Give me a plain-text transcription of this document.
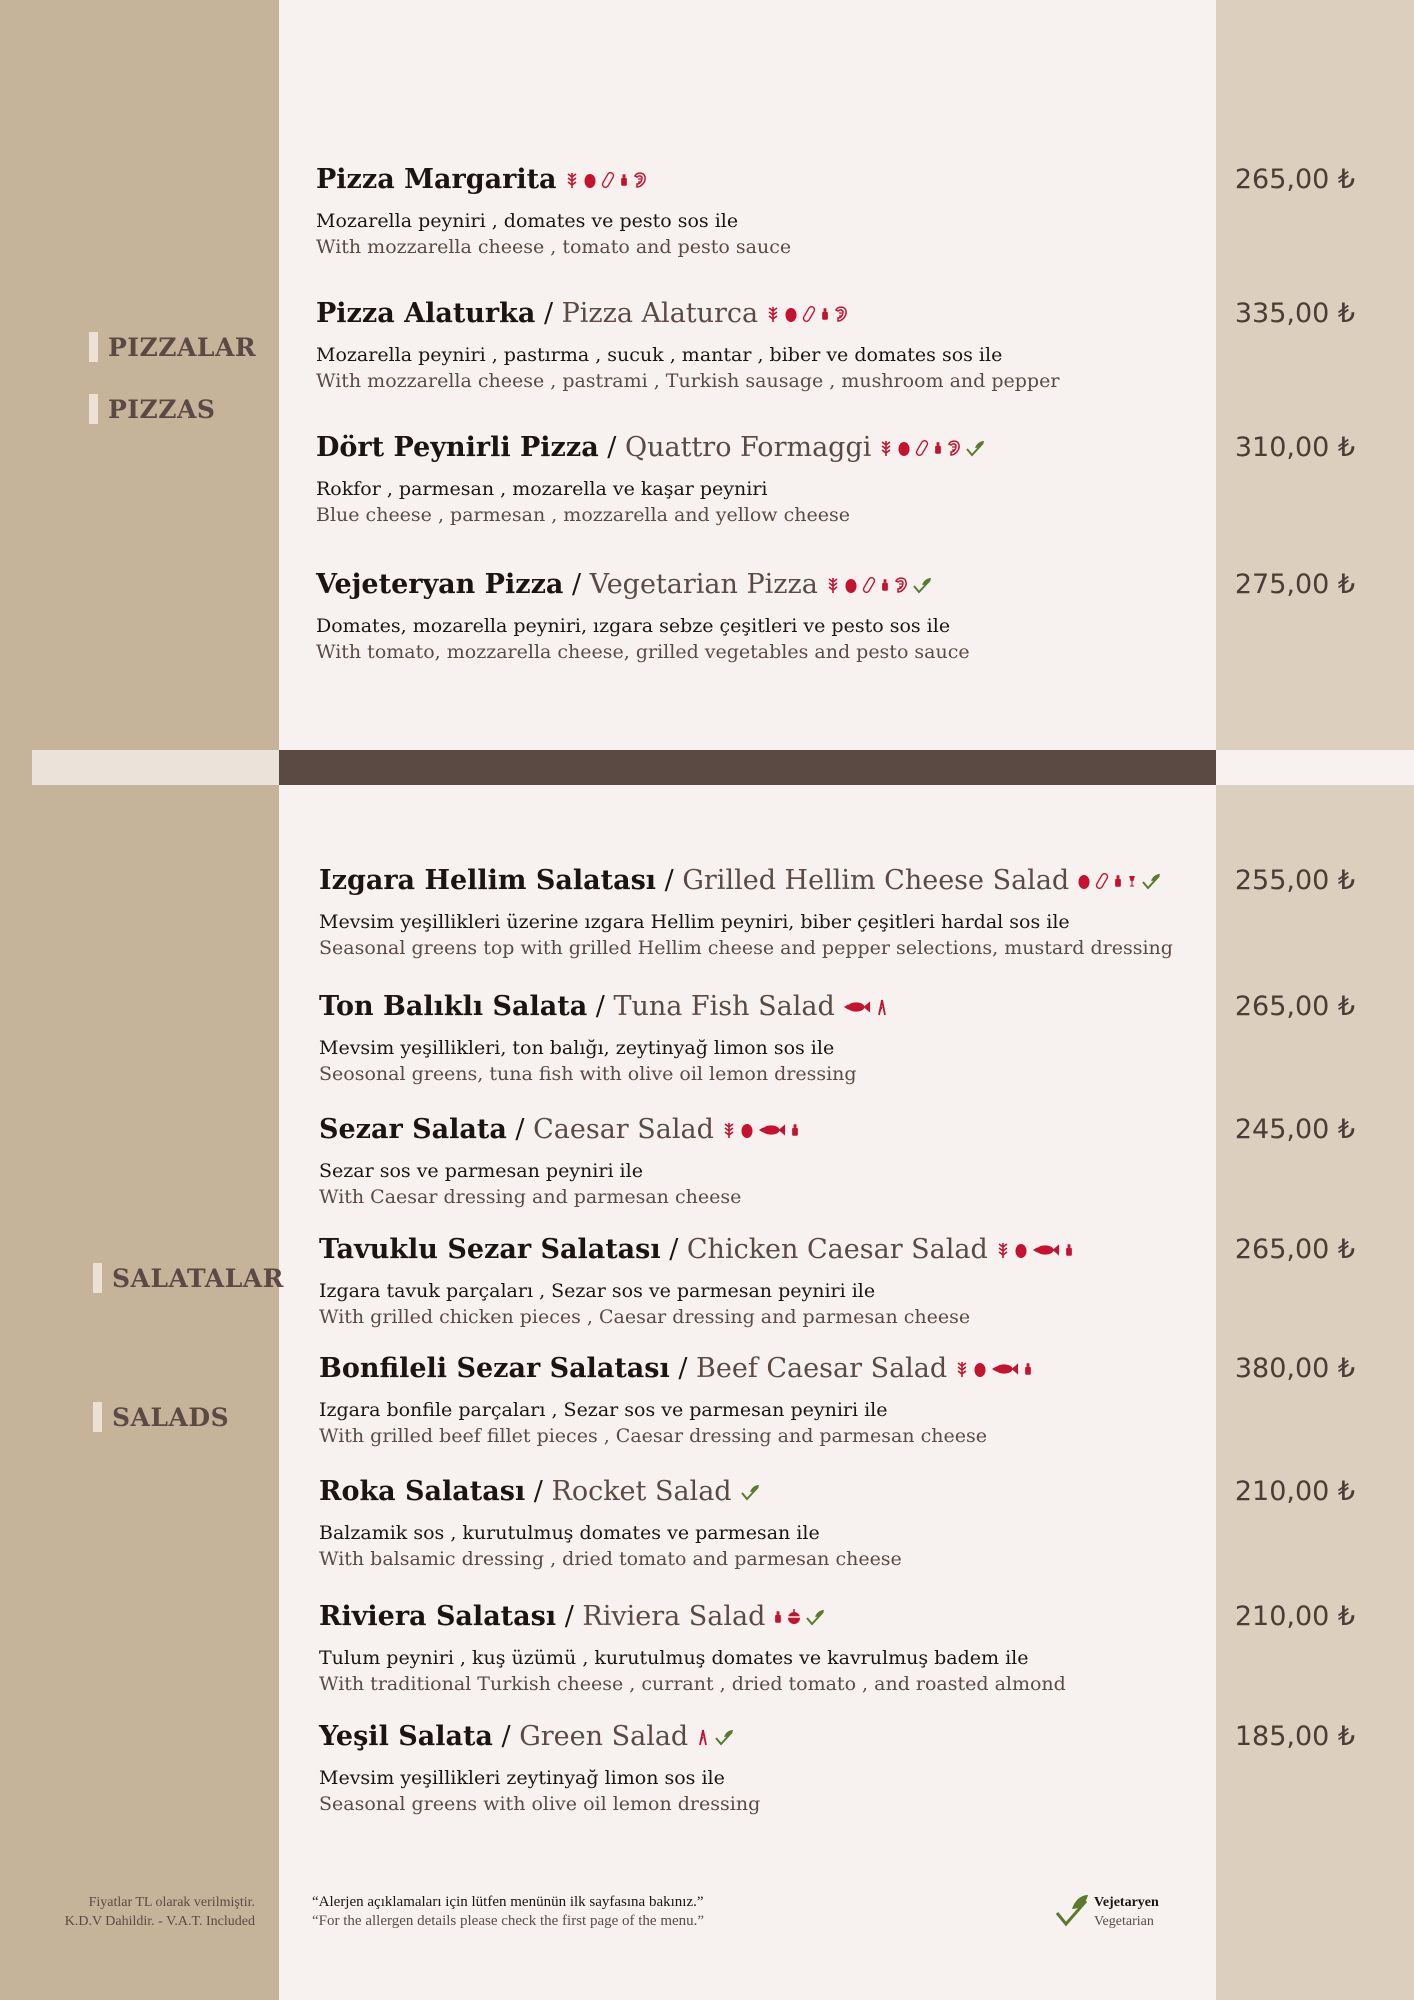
PIZZALAR
PIZZAS
SALATALAR
SALADS
Pizza Margarita
Mozarella peyniri , domates ve pesto sos ile
With mozzarella cheese , tomato and pesto sauce
265,00 ₺
Pizza Alaturka / Pizza Alaturca
Mozarella peyniri , pastırma , sucuk , mantar , biber ve domates sos ile
With mozzarella cheese , pastrami , Turkish sausage , mushroom and pepper
335,00 ₺
Dört Peynirli Pizza / Quattro Formaggi
Rokfor , parmesan , mozarella ve kaşar peyniri
Blue cheese , parmesan , mozzarella and yellow cheese
310,00 ₺
Vejeteryan Pizza / Vegetarian Pizza
Domates, mozarella peyniri, ızgara sebze çeşitleri ve pesto sos ile
With tomato, mozzarella cheese, grilled vegetables and pesto sauce
275,00 ₺
Izgara Hellim Salatası / Grilled Hellim Cheese Salad
Mevsim yeşillikleri üzerine ızgara Hellim peyniri, biber çeşitleri hardal sos ile
Seasonal greens top with grilled Hellim cheese and pepper selections, mustard dressing
255,00 ₺
Ton Balıklı Salata / Tuna Fish Salad
Mevsim yeşillikleri, ton balığı, zeytinyağ limon sos ile
Seosonal greens, tuna fish with olive oil lemon dressing
265,00 ₺
Sezar Salata / Caesar Salad
Sezar sos ve parmesan peyniri ile
With Caesar dressing and parmesan cheese
245,00 ₺
Tavuklu Sezar Salatası / Chicken Caesar Salad
Izgara tavuk parçaları , Sezar sos ve parmesan peyniri ile
With grilled chicken pieces , Caesar dressing and parmesan cheese
265,00 ₺
Bonfileli Sezar Salatası / Beef Caesar Salad
Izgara bonfile parçaları , Sezar sos ve parmesan peyniri ile
With grilled beef fillet pieces , Caesar dressing and parmesan cheese
380,00 ₺
Roka Salatası / Rocket Salad
Balzamik sos , kurutulmuş domates ve parmesan ile
With balsamic dressing , dried tomato and parmesan cheese
210,00 ₺
Riviera Salatası / Riviera Salad
Tulum peyniri , kuş üzümü , kurutulmuş domates ve kavrulmuş badem ile
With traditional Turkish cheese , currant , dried tomato , and roasted almond
210,00 ₺
Yeşil Salata / Green Salad
Mevsim yeşillikleri zeytinyağ limon sos ile
Seasonal greens with olive oil lemon dressing
185,00 ₺
Fiyatlar TL olarak verilmiştir.
K.D.V Dahildir. - V.A.T. Included
“Alerjen açıklamaları için lütfen menünün ilk sayfasına bakınız.”
“For the allergen details please check the first page of the menu.”
Vejetaryen
Vegetarian
